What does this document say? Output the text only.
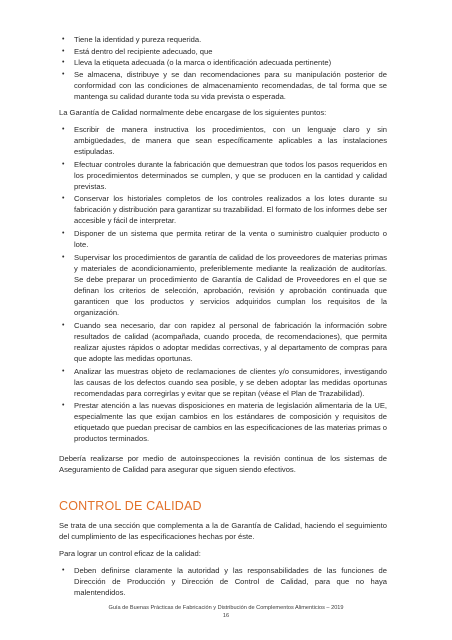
• Tiene la identidad y pureza requerida.
• Está dentro del recipiente adecuado, que
• Lleva la etiqueta adecuada (o la marca o identificación adecuada pertinente)
• Se almacena, distribuye y se dan recomendaciones para su manipulación posterior de conformidad con las condiciones de almacenamiento recomendadas, de tal forma que se mantenga su calidad durante toda su vida prevista o esperada.

La Garantía de Calidad normalmente debe encargase de los siguientes puntos:

• Escribir de manera instructiva los procedimientos, con un lenguaje claro y sin ambigüedades, de manera que sean específicamente aplicables a las instalaciones estipuladas.
• Efectuar controles durante la fabricación que demuestran que todos los pasos requeridos en los procedimientos determinados se cumplen, y que se producen en la cantidad y calidad previstas.
• Conservar los historiales completos de los controles realizados a los lotes durante su fabricación y distribución para garantizar su trazabilidad. El formato de los informes debe ser accesible y fácil de interpretar.
• Disponer de un sistema que permita retirar de la venta o suministro cualquier producto o lote.
• Supervisar los procedimientos de garantía de calidad de los proveedores de materias primas y materiales de acondicionamiento, preferiblemente mediante la realización de auditorías. Se debe preparar un procedimiento de Garantía de Calidad de Proveedores en el que se definan los criterios de selección, aprobación, revisión y aprobación continuada que garanticen que los productos y servicios adquiridos cumplan los requisitos de la organización.
• Cuando sea necesario, dar con rapidez al personal de fabricación la información sobre resultados de calidad (acompañada, cuando proceda, de recomendaciones), que permita realizar ajustes rápidos o adoptar medidas correctivas, y al departamento de compras para que adopte las medidas oportunas.
• Analizar las muestras objeto de reclamaciones de clientes y/o consumidores, investigando las causas de los defectos cuando sea posible, y se deben adoptar las medidas oportunas recomendadas para corregirlas y evitar que se repitan (véase el Plan de Trazabilidad).
• Prestar atención a las nuevas disposiciones en materia de legislación alimentaria de la UE, especialmente las que exijan cambios en los estándares de composición y requisitos de etiquetado que puedan precisar de cambios en las especificaciones de las materias primas o productos terminados.

Debería realizarse por medio de autoinspecciones la revisión continua de los sistemas de Aseguramiento de Calidad para asegurar que siguen siendo efectivos.

CONTROL DE CALIDAD

Se trata de una sección que complementa a la de Garantía de Calidad, haciendo el seguimiento del cumplimiento de las especificaciones hechas por éste.

Para lograr un control eficaz de la calidad:

• Deben definirse claramente la autoridad y las responsabilidades de las funciones de Dirección de Producción y Dirección de Control de Calidad, para que no haya malentendidos.
Guía de Buenas Prácticas de Fabricación y Distribución de Complementos Alimenticios – 2019
16
